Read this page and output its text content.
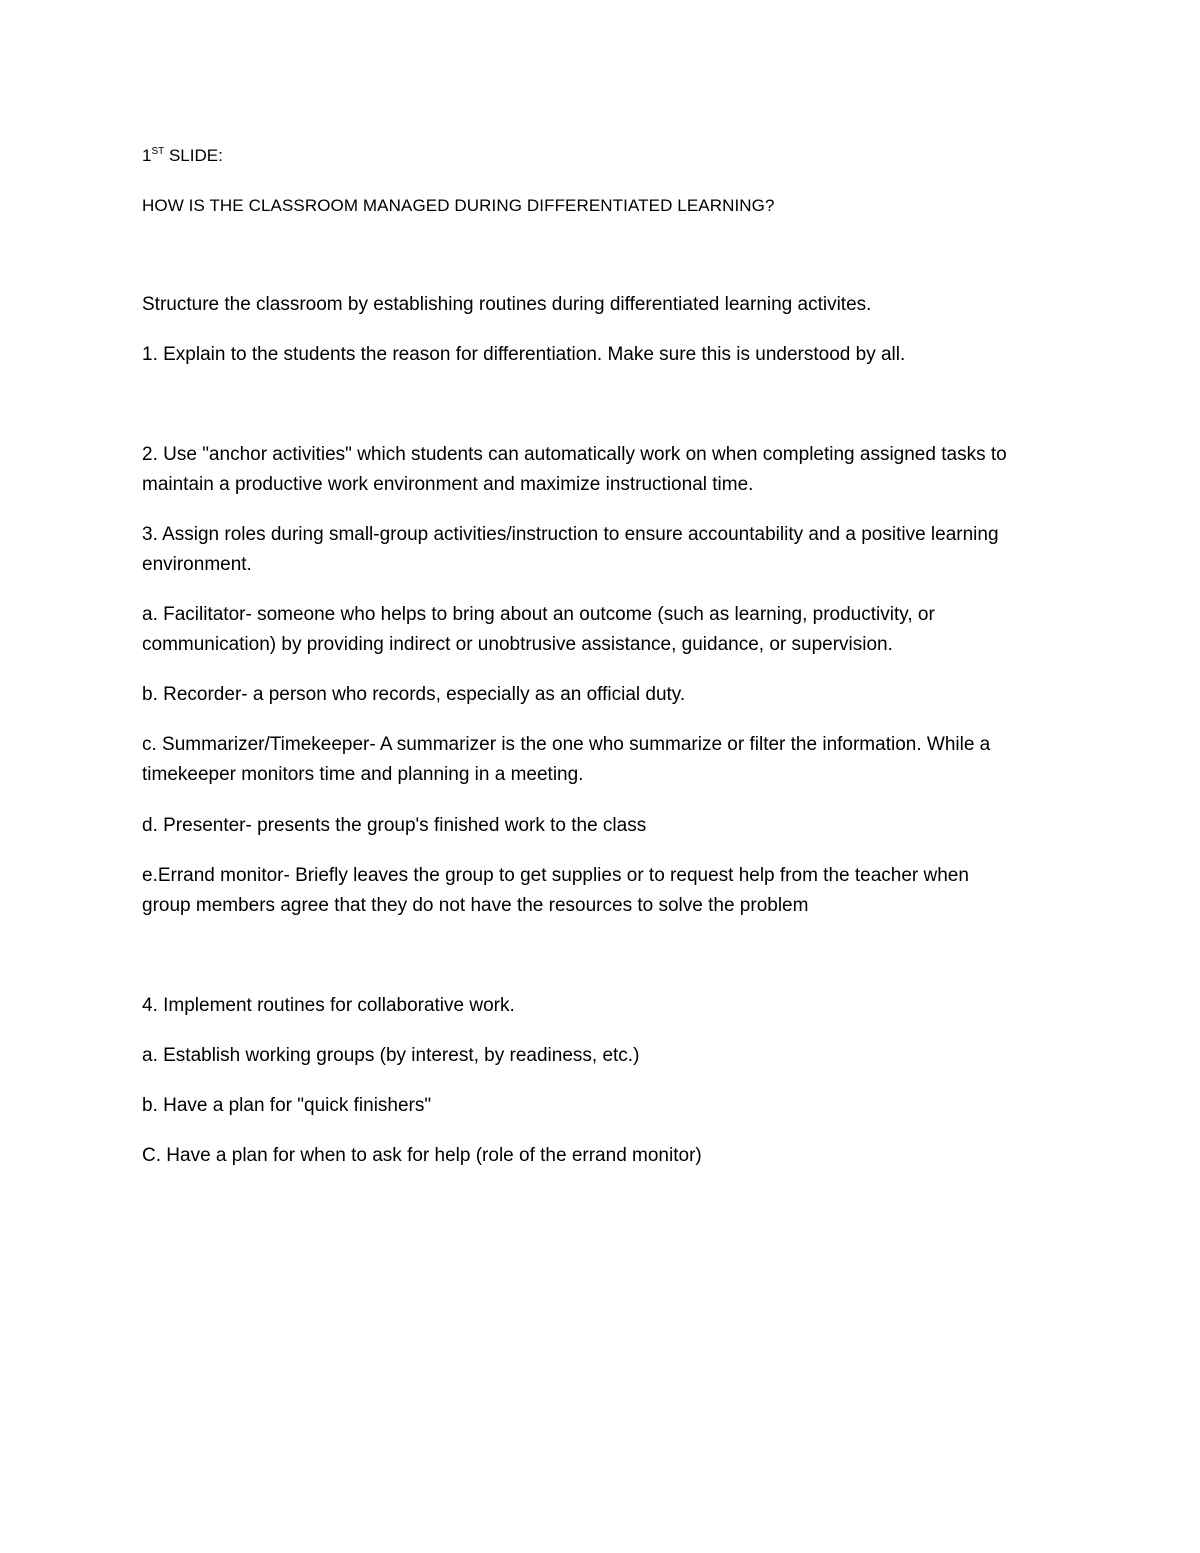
1ST SLIDE:

HOW IS THE CLASSROOM MANAGED DURING DIFFERENTIATED LEARNING?

Structure the classroom by establishing routines during differentiated learning activites.

1. Explain to the students the reason for differentiation. Make sure this is understood by all.

2. Use "anchor activities" which students can automatically work on when completing assigned tasks to

maintain a productive work environment and maximize instructional time.

3. Assign roles during small-group activities/instruction to ensure accountability and a positive learning

environment.

a. Facilitator- someone who helps to bring about an outcome (such as learning, productivity, or

communication) by providing indirect or unobtrusive assistance, guidance, or supervision.

b. Recorder- a person who records, especially as an official duty.

c. Summarizer/Timekeeper- A summarizer is the one who summarize or filter the information. While a

timekeeper monitors time and planning in a meeting.

d. Presenter- presents the group's finished work to the class

e.Errand monitor- Briefly leaves the group to get supplies or to request help from the teacher when

group members agree that they do not have the resources to solve the problem

4. Implement routines for collaborative work.

a. Establish working groups (by interest, by readiness, etc.)

b. Have a plan for "quick finishers"

C. Have a plan for when to ask for help (role of the errand monitor)
